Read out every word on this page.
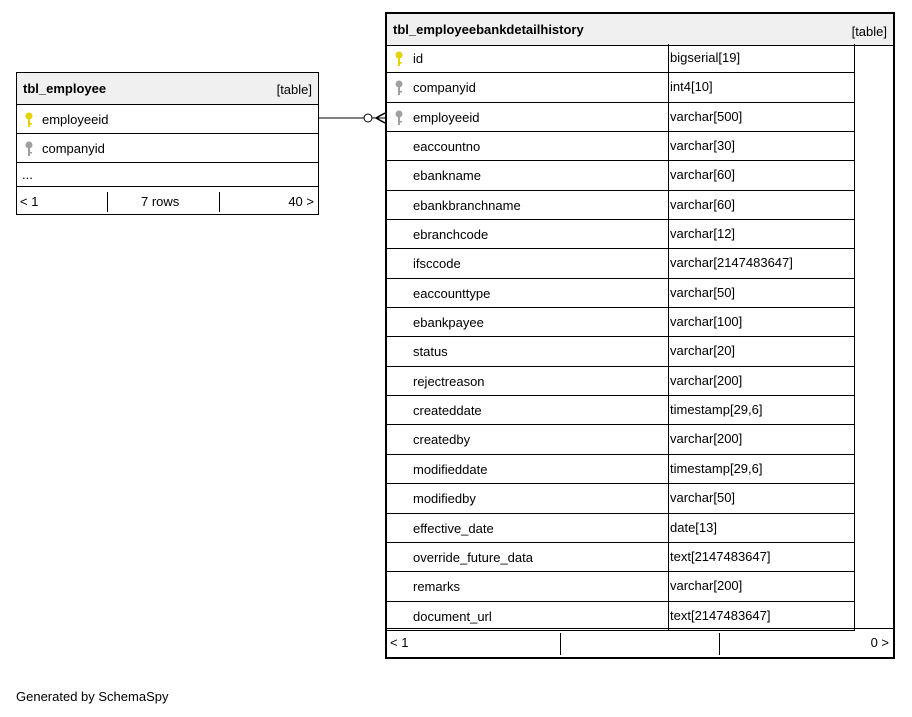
tbl_employee	[table]
employeeid
companyid
...
< 1	7 rows	40 >
tbl_employeebankdetailhistory	[table]
id	bigserial[19]
companyid	int4[10]
employeeid	varchar[500]
eaccountno	varchar[30]
ebankname	varchar[60]
ebankbranchname	varchar[60]
ebranchcode	varchar[12]
ifsccode	varchar[2147483647]
eaccounttype	varchar[50]
ebankpayee	varchar[100]
status	varchar[20]
rejectreason	varchar[200]
createddate	timestamp[29,6]
createdby	varchar[200]
modifieddate	timestamp[29,6]
modifiedby	varchar[50]
effective_date	date[13]
override_future_data	text[2147483647]
remarks	varchar[200]
document_url	text[2147483647]
< 1	0 >
Generated by SchemaSpy
